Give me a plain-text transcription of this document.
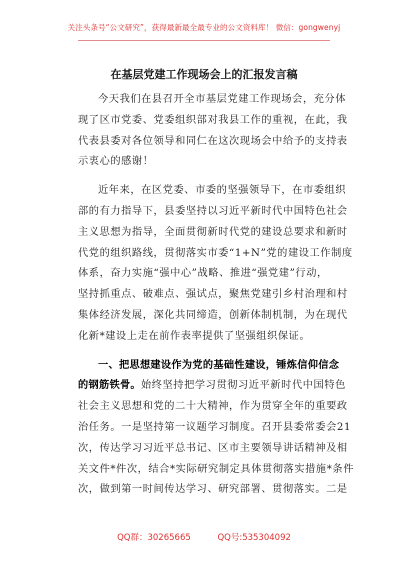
关注头条号“公文研究”，获得最新最全最专业的公文资料库！ 微信：gongwenyj
在基层党建工作现场会上的汇报发言稿
今天我们在县召开全市基层党建工作现场会，充分体
现了区市党委、党委组织部对我县工作的重视，在此，我
代表县委对各位领导和同仁在这次现场会中给予的支持表
示衷心的感谢！
近年来，在区党委、市委的坚强领导下，在市委组织
部的有力指导下，县委坚持以习近平新时代中国特色社会
主义思想为指导，全面贯彻新时代党的建设总要求和新时
代党的组织路线，贯彻落实市委“1+N”党的建设工作制度
体系，奋力实施“强中心”战略、推进“强党建”行动，
坚持抓重点、破难点、强试点，聚焦党建引乡村治理和村
集体经济发展，深化共同缔造，创新体制机制，为在现代
化新*建设上走在前作表率提供了坚强组织保证。
一、把思想建设作为党的基础性建设，锤炼信仰信念
的钢筋铁骨。始终坚持把学习贯彻习近平新时代中国特色
社会主义思想和党的二十大精神，作为贯穿全年的重要政
治任务。一是坚持第一议题学习制度。召开县委常委会21
次，传达学习习近平总书记、区市主要领导讲话精神及相
关文件*件次，结合*实际研究制定具体贯彻落实措施*条件
次，做到第一时间传达学习、研究部署、贯彻落实。二是
QQ群：30265665	QQ号:535304092
